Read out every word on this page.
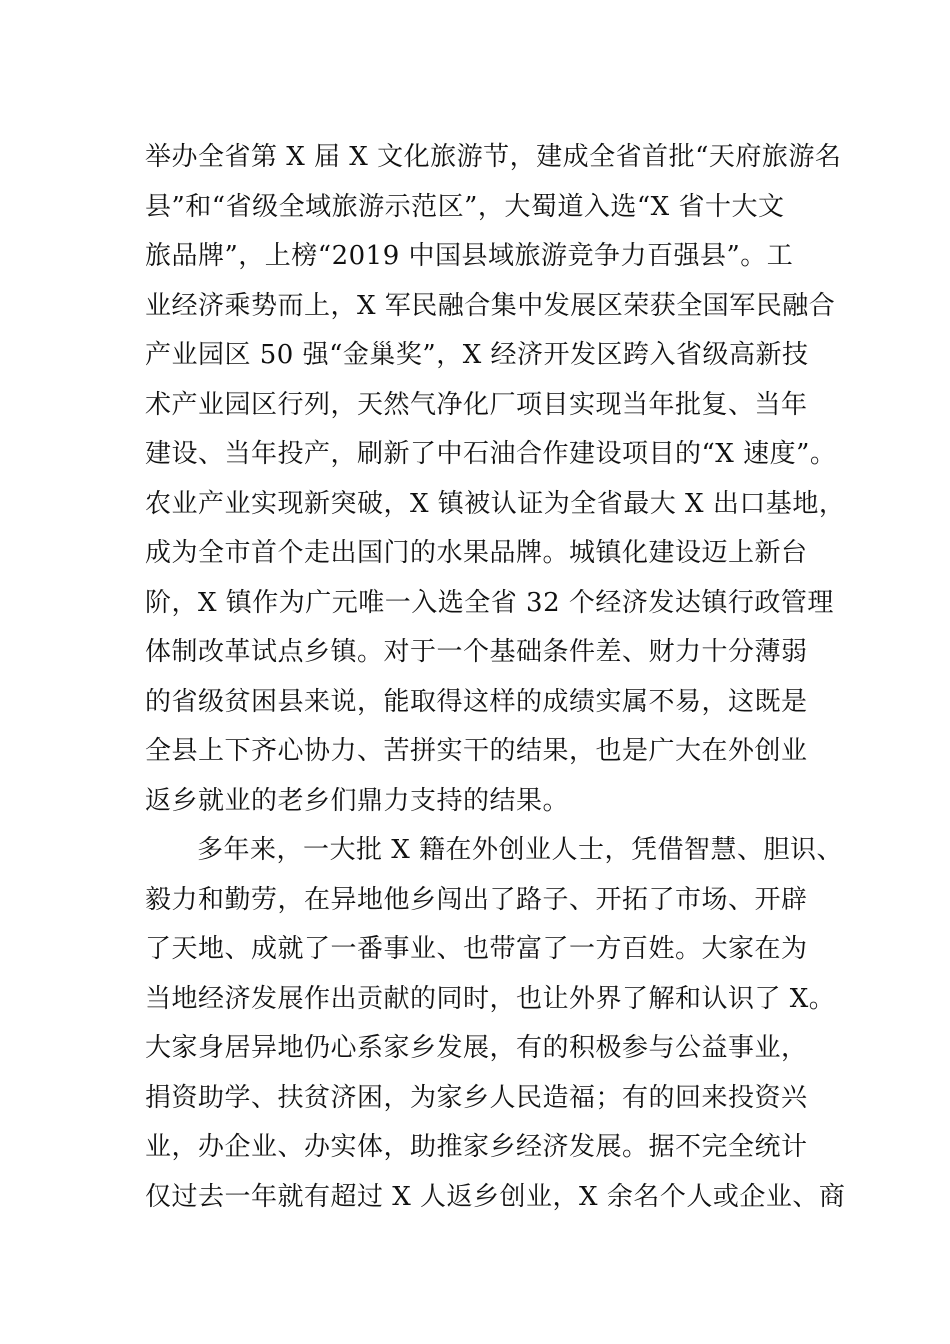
举办全省第 X 届 X 文化旅游节，建成全省首批“天府旅游名
县”和“省级全域旅游示范区”，大蜀道入选“X 省十大文
旅品牌”，上榜“2019 中国县域旅游竞争力百强县”。工
业经济乘势而上，X 军民融合集中发展区荣获全国军民融合
产业园区 50 强“金巢奖”，X 经济开发区跨入省级高新技
术产业园区行列，天然气净化厂项目实现当年批复、当年
建设、当年投产，刷新了中石油合作建设项目的“X 速度”。
农业产业实现新突破，X 镇被认证为全省最大 X 出口基地，
成为全市首个走出国门的水果品牌。城镇化建设迈上新台
阶，X 镇作为广元唯一入选全省 32 个经济发达镇行政管理
体制改革试点乡镇。对于一个基础条件差、财力十分薄弱
的省级贫困县来说，能取得这样的成绩实属不易，这既是
全县上下齐心协力、苦拼实干的结果，也是广大在外创业
返乡就业的老乡们鼎力支持的结果。
多年来，一大批 X 籍在外创业人士，凭借智慧、胆识、
毅力和勤劳，在异地他乡闯出了路子、开拓了市场、开辟
了天地、成就了一番事业、也带富了一方百姓。大家在为
当地经济发展作出贡献的同时，也让外界了解和认识了 X。
大家身居异地仍心系家乡发展，有的积极参与公益事业，
捐资助学、扶贫济困，为家乡人民造福；有的回来投资兴
业，办企业、办实体，助推家乡经济发展。据不完全统计
仅过去一年就有超过 X 人返乡创业，X 余名个人或企业、商
